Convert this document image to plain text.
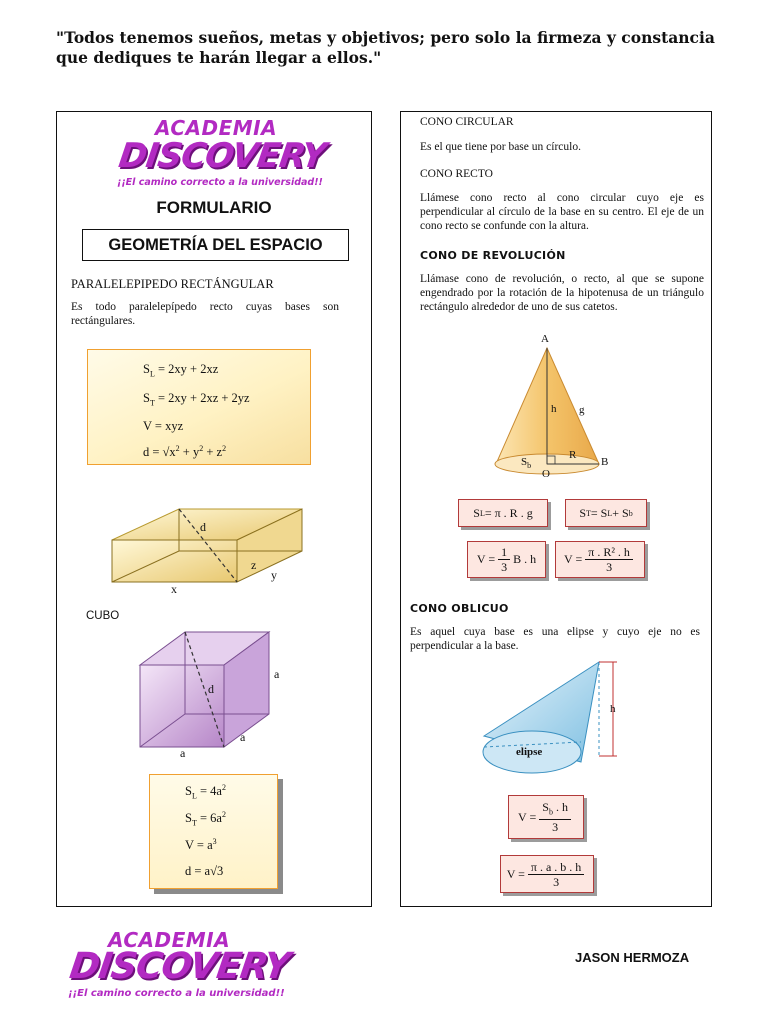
"Todos tenemos sueños, metas y objetivos; pero solo la firmeza y constancia que dediques te harán llegar a ellos."
ACADEMIA
DISCOVERY
¡¡El camino correcto a la universidad!!
FORMULARIO
GEOMETRÍA DEL ESPACIO
PARALELEPIPEDO RECTÁNGULAR
Es todo paralelepípedo recto cuyas bases son rectángulares.
$S_L = 2xy + 2xz$
$S_T = 2xy + 2xz + 2yz$
V = xyz
$d = √x^2 + y^2 + z^2$
d
z
y
x
CUBO
a
d
a
a
$S_L = 4a^2$
$S_T = 6a^2$
$V = a^3$
d = a√3
CONO CIRCULAR
Es el que tiene por base un círculo.
CONO RECTO
Llámese cono recto al cono circular cuyo eje es perpendicular al círculo de la base en su centro. El eje de un cono recto se confunde con la altura.
CONO DE REVOLUCIÓN
Llámase cono de revolución, o recto, al que se supone engendrado por la rotación de la hipotenusa de un triángulo rectángulo alrededor de uno de sus catetos.
A
h g
R
B
O
$S_b$
S L = π . R . g	S T = S L + S b
$V = \frac{1}{3}$ B . h $V = \frac{\text{π . R² . h}}{3}$
CONO OBLICUO
Es aquel cuya base es una elipse y cuyo eje no es perpendicular a la base.
h
elipse
$V = \frac{S_b . h}{3}$
$V = \frac{\pi . a . b . h}{3}$
ACADEMIA
DISCOVERY
¡¡El camino correcto a la universidad!!
JASON HERMOZA
